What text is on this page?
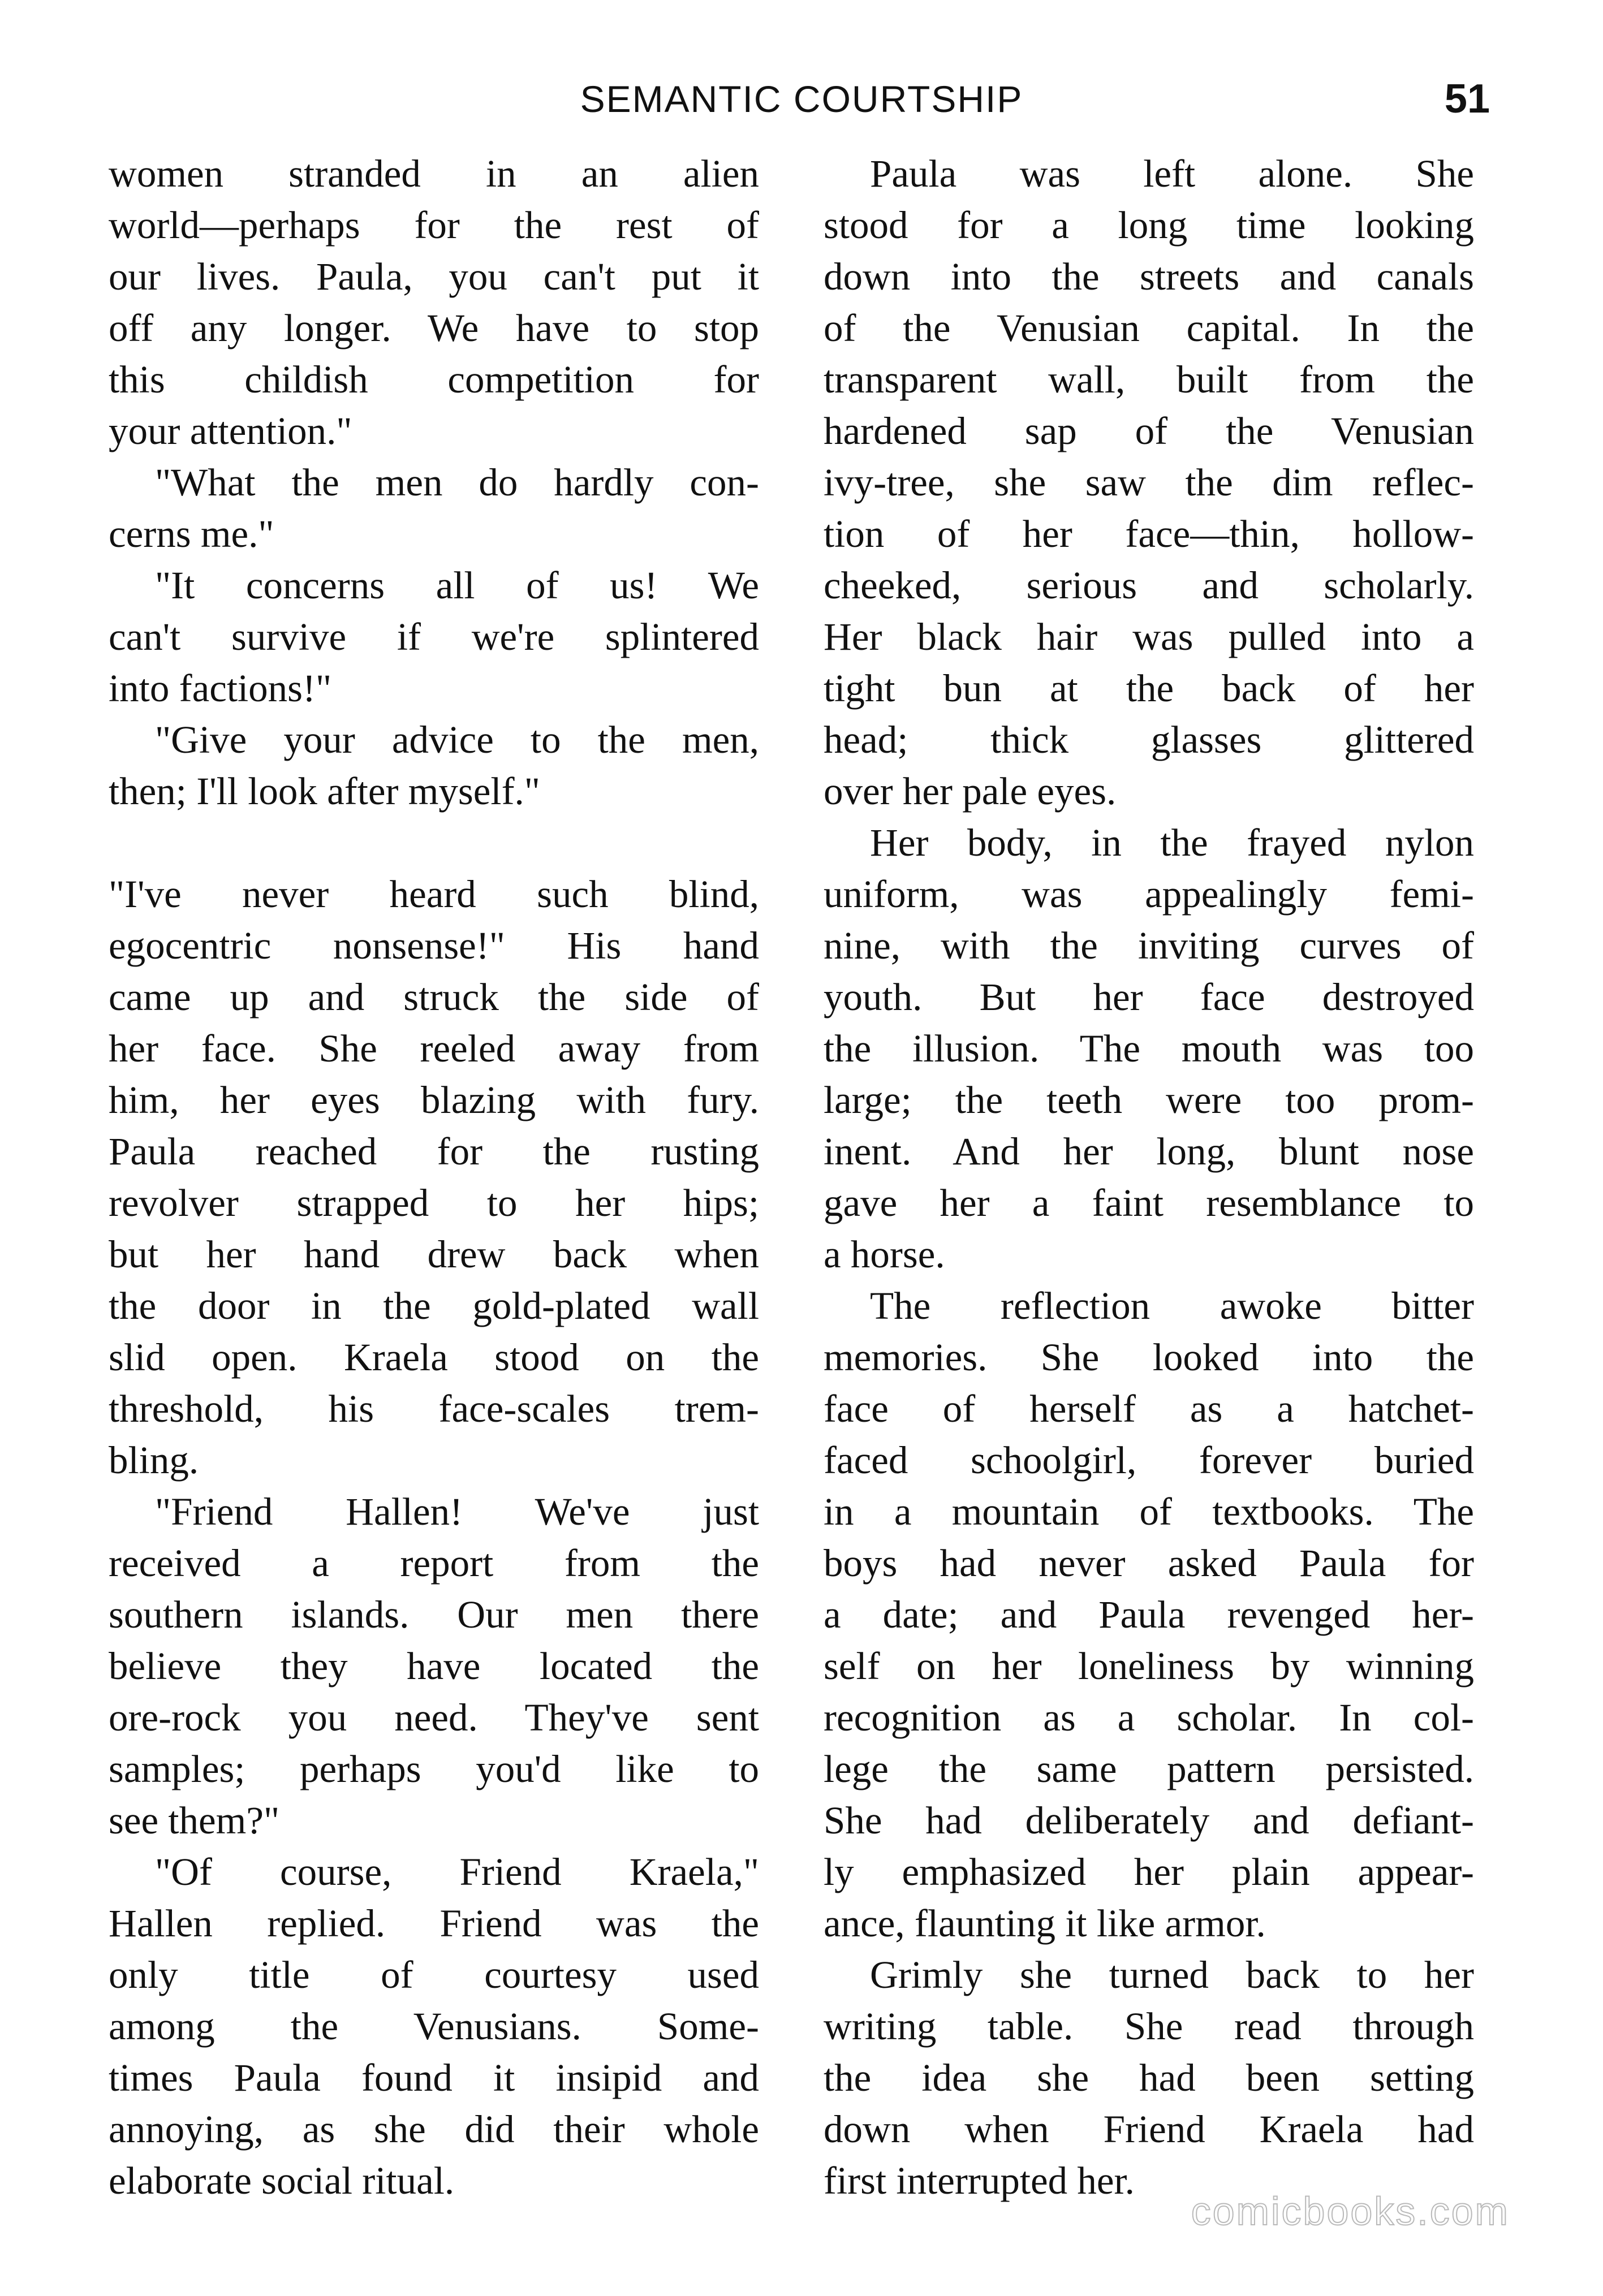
SEMANTIC COURTSHIP	51
women stranded in an alien
world—perhaps for the rest of
our lives. Paula, you can't put it
off any longer. We have to stop
this childish competition for
your attention."
"What the men do hardly con-
cerns me."
"It concerns all of us! We
can't survive if we're splintered
into factions!"
"Give your advice to the men,
then; I'll look after myself."
"I've never heard such blind,
egocentric nonsense!" His hand
came up and struck the side of
her face. She reeled away from
him, her eyes blazing with fury.
Paula reached for the rusting
revolver strapped to her hips;
but her hand drew back when
the door in the gold-plated wall
slid open. Kraela stood on the
threshold, his face-scales trem-
bling.
"Friend Hallen! We've just
received a report from the
southern islands. Our men there
believe they have located the
ore-rock you need. They've sent
samples; perhaps you'd like to
see them?"
"Of course, Friend Kraela,"
Hallen replied. Friend was the
only title of courtesy used
among the Venusians. Some-
times Paula found it insipid and
annoying, as she did their whole
elaborate social ritual.
Paula was left alone. She
stood for a long time looking
down into the streets and canals
of the Venusian capital. In the
transparent wall, built from the
hardened sap of the Venusian
ivy-tree, she saw the dim reflec-
tion of her face—thin, hollow-
cheeked, serious and scholarly.
Her black hair was pulled into a
tight bun at the back of her
head; thick glasses glittered
over her pale eyes.
Her body, in the frayed nylon
uniform, was appealingly femi-
nine, with the inviting curves of
youth. But her face destroyed
the illusion. The mouth was too
large; the teeth were too prom-
inent. And her long, blunt nose
gave her a faint resemblance to
a horse.
The reflection awoke bitter
memories. She looked into the
face of herself as a hatchet-
faced schoolgirl, forever buried
in a mountain of textbooks. The
boys had never asked Paula for
a date; and Paula revenged her-
self on her loneliness by winning
recognition as a scholar. In col-
lege the same pattern persisted.
She had deliberately and defiant-
ly emphasized her plain appear-
ance, flaunting it like armor.
Grimly she turned back to her
writing table. She read through
the idea she had been setting
down when Friend Kraela had
first interrupted her.
comicbooks.com
